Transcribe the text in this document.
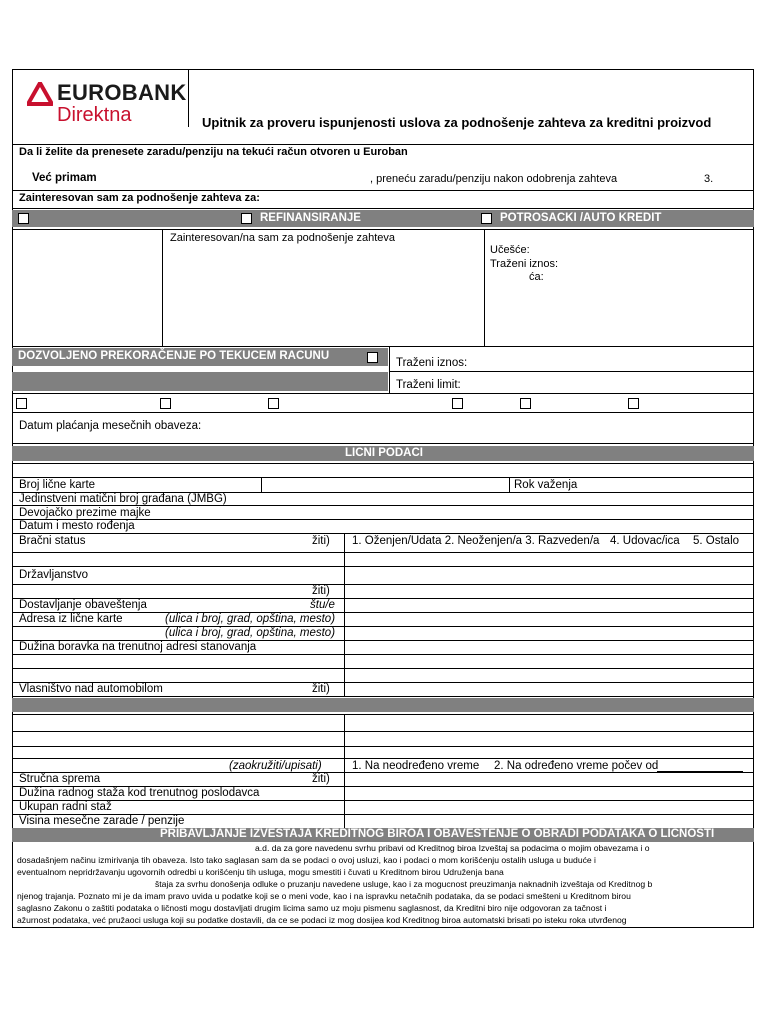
EUROBANK
Direktna	Upitnik za proveru ispunjenosti uslova za podnošenje zahteva za kreditni proizvod
Da li želite da prenesete zaradu/penziju na tekući račun otvoren u Euroban
Već primam	, preneću zaradu/penziju nakon odobrenja zahteva	3.
Zainteresovan sam za podnošenje zahteva za:
REFINANSIRANJE	POTROSACKI /AUTO KREDIT
Zainteresovan/na sam za podnošenje zahteva
Učešće:
Traženi iznos:
ća:
DOZVOLJENO PREKORAČENJE PO TEKUCEM RACUNU
Traženi iznos:
Traženi limit:
Datum plaćanja mesečnih obaveza:
LICNI PODACI
Broj lične karte	Rok važenja
Jedinstveni matični broj građana (JMBG)
Devojačko prezime majke
Datum i mesto rođenja
Bračni status	žiti) 1. Oženjen/Udata 2. Neoženjen/a 3. Razveden/a 4. Udovac/ica 5. Ostalo
Državljanstvo
žiti)
Dostavljanje obaveštenja	štu/e
Adresa iz lične karte	(ulica i broj, grad, opština, mesto)
(ulica i broj, grad, opština, mesto)
Dužina boravka na trenutnoj adresi stanovanja
Vlasništvo nad automobilom	žiti)
(zaokružiti/upisati)	1. Na neodređeno vreme 2. Na određeno vreme počev od
Stručna sprema	žiti)
Dužina radnog staža kod trenutnog poslodavca
Ukupan radni staž
Visina mesečne zarade / penzije
PRIBAVLJANJE IZVESTAJA KREDITNOG BIROA I OBAVESTENJE O OBRADI PODATAKA O LICNOSTI
a.d. da za gore navedenu svrhu pribavi od Kreditnog biroa Izveštaj sa podacima o mojim obavezama i o
dosadašnjem načinu izmirivanja tih obaveza. Isto tako saglasan sam da se podaci o ovoj usluzi, kao i podaci o mom korišćenju ostalih usluga u buduće i
eventualnom nepridržavanju ugovornih odredbi u korišćenju tih usluga, mogu smestiti i čuvati u Kreditnom birou Udruženja bana
štaja za svrhu donošenja odluke o pruzanju navedene usluge, kao i za mogucnost preuzimanja naknadnih izveštaja od Kreditnog b
njenog trajanja. Poznato mi je da imam pravo uvida u podatke koji se o meni vode, kao i na ispravku netačnih podataka, da se podaci smešteni u Kreditnom birou
saglasno Zakonu o zaštiti podataka o ličnosti mogu dostavljati drugim licima samo uz moju pismenu saglasnost, da Kreditni biro nije odgovoran za tačnost i
ažurnost podataka, već pružaoci usluga koji su podatke dostavili, da ce se podaci iz mog dosijea kod Kreditnog biroa automatski brisati po isteku roka utvrđenog
